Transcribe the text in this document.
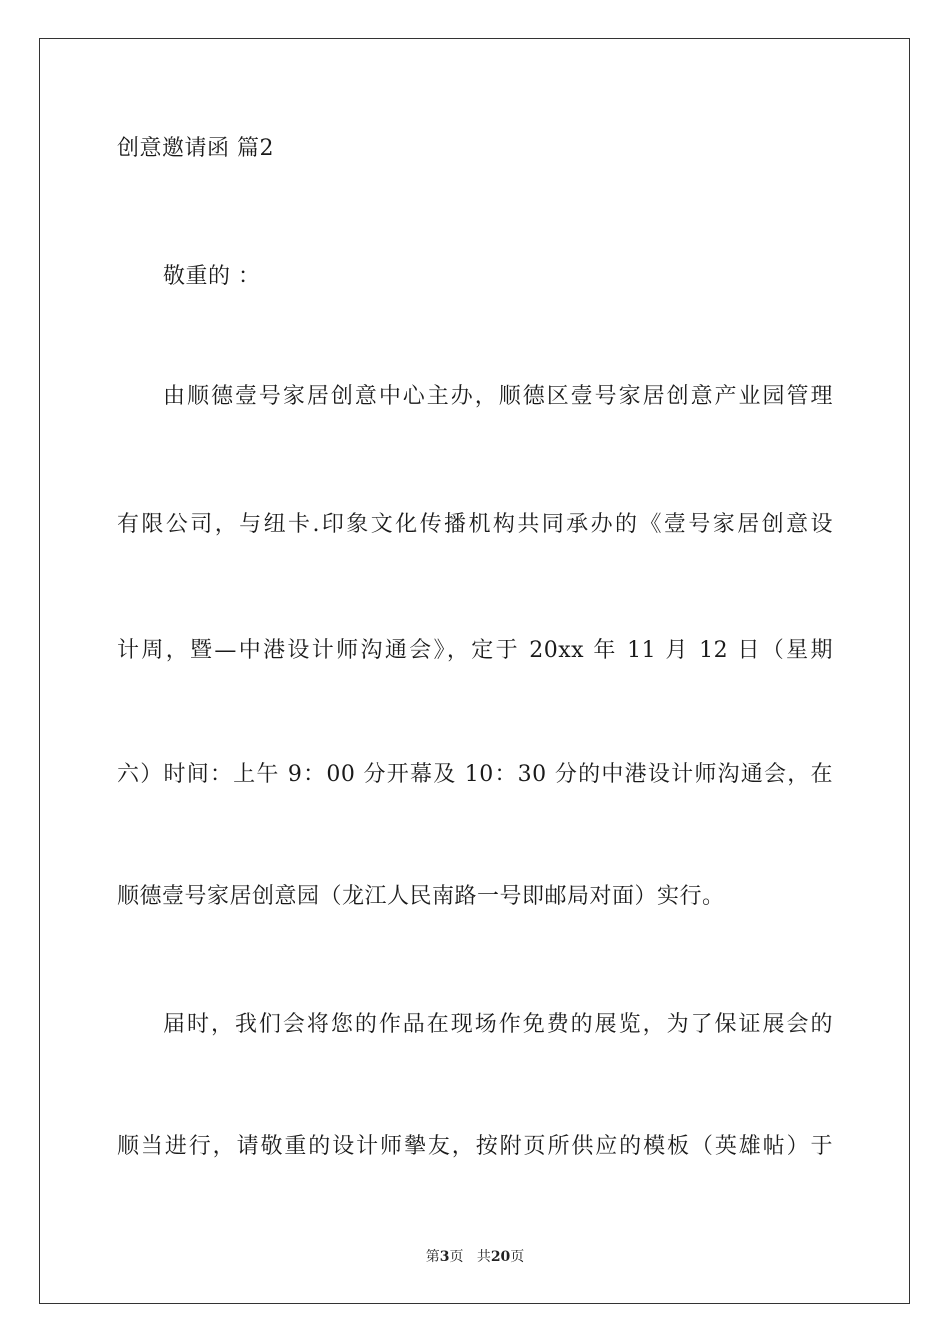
创意邀请函 篇2
敬重的 ：
由顺德壹号家居创意中心主办，顺德区壹号家居创意产业园管理
有限公司，与纽卡.印象文化传播机构共同承办的《壹号家居创意设
计周，暨—中港设计师沟通会》，定于 20xx 年 11 月 12 日（星期
六）时间：上午 9：00 分开幕及 10：30 分的中港设计师沟通会，在
顺德壹号家居创意园（龙江人民南路一号即邮局对面）实行。
届时，我们会将您的作品在现场作免费的展览，为了保证展会的
顺当进行，请敬重的设计师摰友，按附页所供应的模板（英雄帖）于
第3页 共20页
